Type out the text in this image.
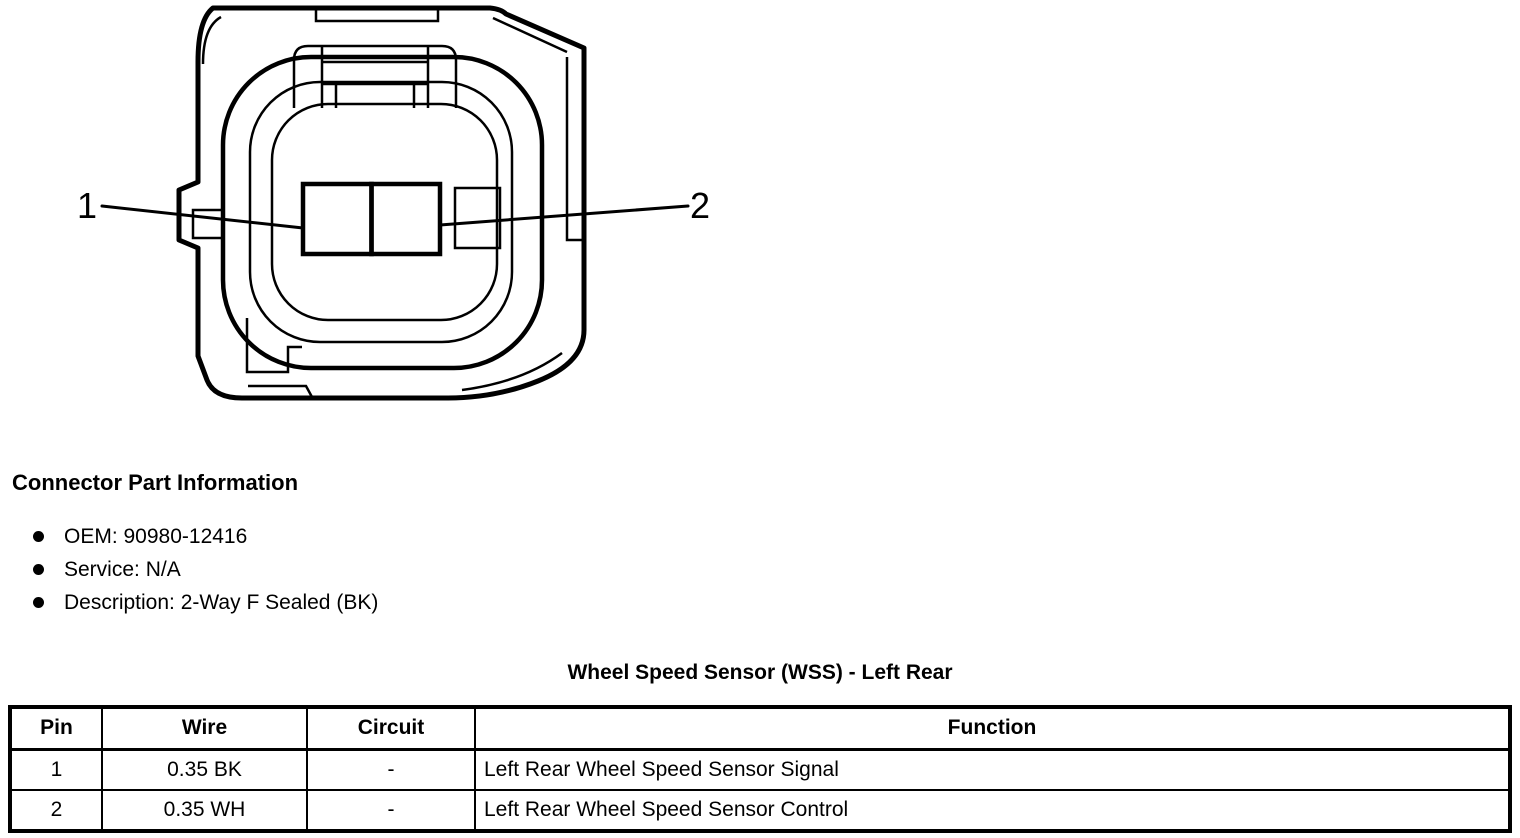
1	2
Connector Part Information
OEM: 90980-12416
Service: N/A
Description: 2-Way F Sealed (BK)
Wheel Speed Sensor (WSS) - Left Rear
Pin	Wire	Circuit	Function
1	0.35 BK	-	Left Rear Wheel Speed Sensor Signal
2	0.35 WH	-	Left Rear Wheel Speed Sensor Control
